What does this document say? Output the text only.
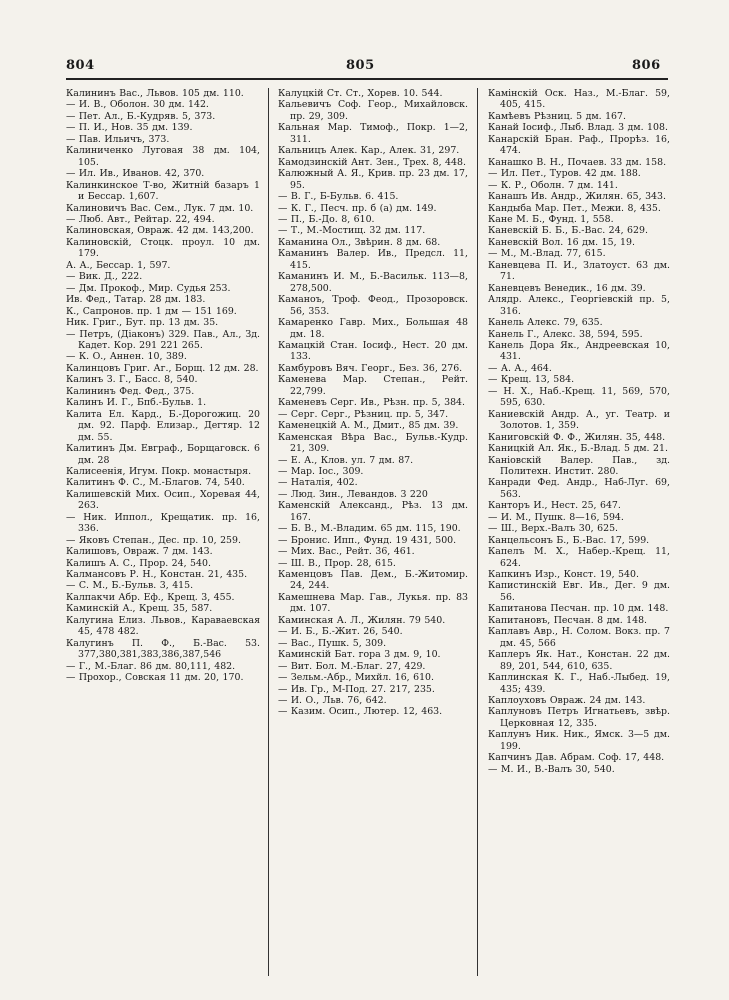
804	805	806
Калининъ Вас., Львов. 105 дм. 110.
— И. В., Оболон. 30 дм. 142.
— Пет. Ал., Б.-Кудряв. 5, 373.
— П. И., Нов. 35 дм. 139.
— Пав. Ильичъ, 373.
Калиниченко Луговая 38 дм. 104, 105.
— Ил. Ив., Иванов. 42, 370.
Калинкинское Т-во, Житній базаръ 1 и Бессар. 1,607.
Калиновичъ Вас. Сем., Лук. 7 дм. 10.
— Люб. Авт., Рейтар. 22, 494.
Калиновская, Овраж. 42 дм. 143,200.
Калиновскій, Стоцк. проул. 10 дм. 179.
А. А., Бессар. 1, 597.
— Вик. Д., 222.
— Дм. Прокоф., Мир. Судья 253.
Ив. Фед., Татар. 28 дм. 183.
К., Сапронов. пр. 1 дм — 151 169.
Ник. Григ., Бут. пр. 13 дм. 35.
— Петръ, (Діаконъ) 329. Пав., Ал., Зд. Кадет. Кор. 291 221 265.
— К. О., Аннен. 10, 389.
Калинцовъ Григ. Аг., Борщ. 12 дм. 28.
Калинъ З. Г., Басс. 8, 540.
Калининъ Фед. Фед., 375.
Калинъ И. Г., Бпб.-Бульв. 1.
Калита Ел. Кард., Б.-Дорогожиц. 20 дм. 92. Парф. Елизар., Дегтяр. 12 дм. 55.
Калитинъ Дм. Евграф., Борщаговск. 6 дм. 28
Калисеенія, Игум. Покр. монастыря.
Калитинъ Ф. С., М.-Благов. 74, 540.
Калишевскій Мих. Осип., Хоревая 44, 263.
— Ник. Иппол., Крещатик. пр. 16, 336.
— Яковъ Степан., Дес. пр. 10, 259.
Калишовъ, Овраж. 7 дм. 143.
Калишъ А. С., Прор. 24, 540.
Калмансовъ Р. Н., Констан. 21, 435.
— С. М., Б.-Бульв. 3, 415.
Калпакчи Абр. Еф., Крещ. 3, 455.
Каминскій А., Крещ. 35, 587.
Калугина Елиз. Львов., Караваевская 45, 478 482.
Калугинъ П. Ф., Б.-Вас. 53. 377,380,381,383,386,387,546
— Г., М.-Благ. 86 дм. 80,111, 482.
— Прохор., Совская 11 дм. 20, 170.
Калуцкій Ст. Ст., Хорев. 10. 544.
Кальевичъ Соф. Геор., Михайловск. пр. 29, 309.
Кальная Мар. Тимоф., Покр. 1—2, 311.
Кальницъ Алек. Кар., Алек. 31, 297.
Камодзинскій Ант. Зен., Трех. 8, 448.
Калюжный А. Я., Крив. пр. 23 дм. 17, 95.
— В. Г., Б-Бульв. 6. 415.
— К. Г., Песч. пр. б (а) дм. 149.
— П., Б.-До. 8, 610.
— Т., М.-Мостищ. 32 дм. 117.
Каманина Ол., Звѣрин. 8 дм. 68.
Каманинъ Валер. Ив., Предсл. 11, 415.
Каманинъ И. М., Б.-Васильк. 113—8, 278,500.
Каманоъ, Троф. Феод., Прозоровск. 56, 353.
Камаренко Гавр. Мих., Большая 48 дм. 18.
Камацкій Стан. Іосиф., Нест. 20 дм. 133.
Камбуровъ Вяч. Георг., Без. 36, 276.
Каменева Мар. Степан., Рейт. 22,799.
Каменевъ Серг. Ив., Рѣзн. пр. 5, 384.
— Серг. Серг., Рѣзниц. пр. 5, 347.
Каменецкій А. М., Дмит., 85 дм. 39.
Каменская Вѣра Вас., Бульв.-Кудр. 21, 309.
— Е. А., Клов. ул. 7 дм. 87.
— Мар. Іос., 309.
— Наталія, 402.
— Люд. Зин., Левандов. 3 220
Каменскій Александ., Рѣз. 13 дм. 167.
— Б. В., М.-Владим. 65 дм. 115, 190.
— Бронис. Ипп., Фунд. 19 431, 500.
— Мих. Вас., Рейт. 36, 461.
— Ш. В., Прор. 28, 615.
Каменцовъ Пав. Дем., Б.-Житомир. 24, 244.
Камешнева Мар. Гав., Лукья. пр. 83 дм. 107.
Каминская А. Л., Жилян. 79 540.
— И. Б., Б.-Жит. 26, 540.
— Вас., Пушк. 5, 309.
Каминскій Бат. гора 3 дм. 9, 10.
— Вит. Бол. М.-Благ. 27, 429.
— Зельм.-Абр., Михйл. 16, 610.
— Ив. Гр., М-Под. 27. 217, 235.
— И. О., Льв. 76, 642.
— Казим. Осип., Лютер. 12, 463.
Камінскій Оск. Наз., М.-Благ. 59, 405, 415.
Камѣевъ Рѣзниц. 5 дм. 167.
Канай Іосиф., Лыб. Влад. 3 дм. 108.
Канарскій Бран. Раф., Прорѣз. 16, 474.
Канашко В. Н., Почаев. 33 дм. 158.
— Ил. Пет., Туров. 42 дм. 188.
— К. Р., Оболн. 7 дм. 141.
Канашъ Ив. Андр., Жилян. 65, 343.
Кандыба Мар. Пет., Межи. 8, 435.
Кане М. Б., Фунд. 1, 558.
Каневскій Б. Б., Б.-Вас. 24, 629.
Каневскій Вол. 16 дм. 15, 19.
— М., М.-Влад. 77, 615.
Каневцева П. И., Златоуст. 63 дм. 71.
Каневцевъ Венедик., 16 дм. 39.
Алядр. Алекс., Георгіевскій пр. 5, 316.
Канель Алекс. 79, 635.
Канель Г., Алекс. 38, 594, 595.
Канель Дора Як., Андреевская 10, 431.
— А. А., 464.
— Крещ. 13, 584.
— Н. Х., Наб.-Крещ. 11, 569, 570, 595, 630.
Каниевскій Андр. А., уг. Театр. и Золотов. 1, 359.
Каниговскій Ф. Ф., Жилян. 35, 448.
Каницкій Ал. Як., Б.-Влад. 5 дм. 21.
Каніовскій Валер. Пав., зд. Политехн. Инстит. 280.
Канради Фед. Андр., Наб-Луг. 69, 563.
Канторъ И., Нест. 25, 647.
— И. М., Пушк. 8—16, 594.
— Ш., Верх.-Валъ 30, 625.
Канцельсонъ Б., Б.-Вас. 17, 599.
Капелъ М. Х., Набер.-Крещ. 11, 624.
Капкинъ Изр., Конст. 19, 540.
Капистинскій Евг. Ив., Дег. 9 дм. 56.
Капитанова Песчан. пр. 10 дм. 148.
Капитановъ, Песчан. 8 дм. 148.
Каплавъ Авр., Н. Солом. Вокз. пр. 7 дм. 45, 566
Каплеръ Як. Нат., Констан. 22 дм. 89, 201, 544, 610, 635.
Каплинская К. Г., Наб.-Лыбед. 19, 435; 439.
Каплоуховъ Овраж. 24 дм. 143.
Каплуновъ Петръ Игнатьевъ, звѣр. Церковная 12, 335.
Каплунъ Ник. Ник., Ямск. 3—5 дм. 199.
Капчинъ Дав. Абрам. Соф. 17, 448.
— М. И., В.-Валъ 30, 540.
